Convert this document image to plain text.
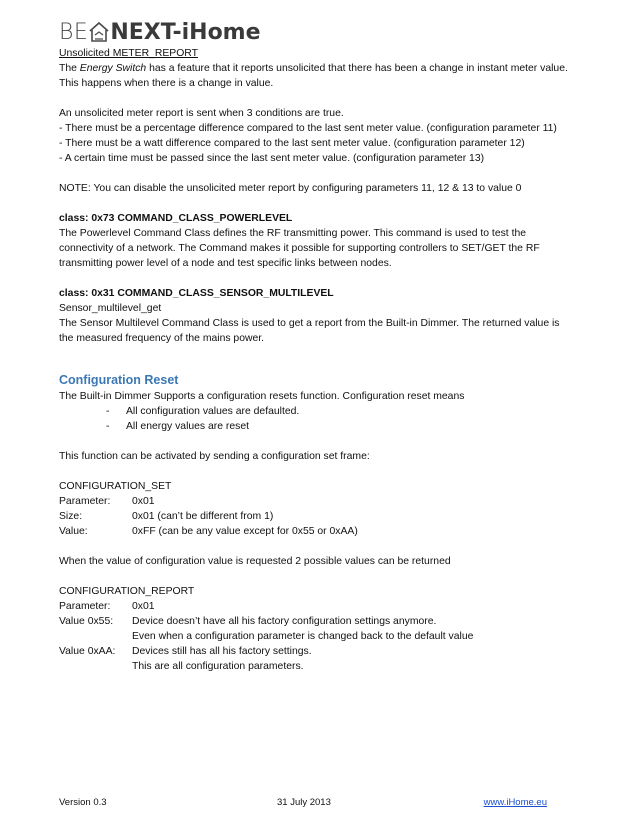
BE NEXT-iHome
Unsolicited METER_REPORT
The Energy Switch has a feature that it reports unsolicited that there has been a change in instant meter value.
This happens when there is a change in value.
An unsolicited meter report is sent when 3 conditions are true.
- There must be a percentage difference compared to the last sent meter value. (configuration parameter 11)
- There must be a watt difference compared to the last sent meter value. (configuration parameter 12)
- A certain time must be passed since the last sent meter value. (configuration parameter 13)
NOTE: You can disable the unsolicited meter report by configuring parameters 11, 12 & 13 to value 0
class: 0x73 COMMAND_CLASS_POWERLEVEL
The Powerlevel Command Class defines the RF transmitting power. This command is used to test the
connectivity of a network. The Command makes it possible for supporting controllers to SET/GET the RF
transmitting power level of a node and test specific links between nodes.
class: 0x31 COMMAND_CLASS_SENSOR_MULTILEVEL
Sensor_multilevel_get
The Sensor Multilevel Command Class is used to get a report from the Built-in Dimmer. The returned value is
the measured frequency of the mains power.
Configuration Reset
The Built-in Dimmer Supports a configuration resets function. Configuration reset means
- All configuration values are defaulted.
- All energy values are reset
This function can be activated by sending a configuration set frame:
CONFIGURATION_SET
Parameter:	0x01
Size:	0x01 (can’t be different from 1)
Value:	0xFF (can be any value except for 0x55 or 0xAA)
When the value of configuration value is requested 2 possible values can be returned
CONFIGURATION_REPORT
Parameter:	0x01
Value 0x55:	Device doesn’t have all his factory configuration settings anymore.
Even when a configuration parameter is changed back to the default value
Value 0xAA:	Devices still has all his factory settings.
This are all configuration parameters.
Version 0.3	31 July 2013	www.iHome.eu
